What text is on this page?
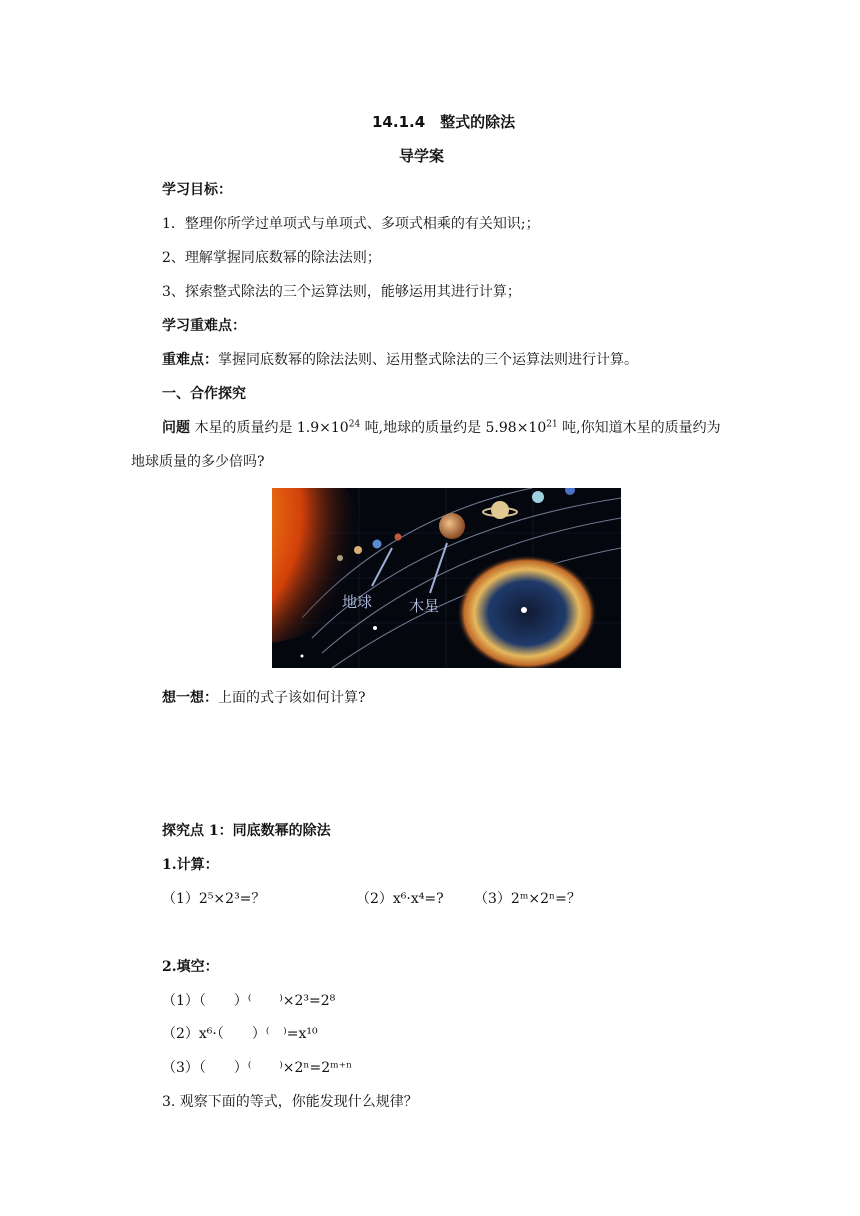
14.1.4　整式的除法
导学案
学习目标：
1．整理你所学过单项式与单项式、多项式相乘的有关知识;；
2、理解掌握同底数幂的除法法则；
3、探索整式除法的三个运算法则，能够运用其进行计算；
学习重难点：
重难点：掌握同底数幂的除法法则、运用整式除法的三个运算法则进行计算。
一、合作探究
问题 木星的质量约是 $1.9\times 10^{24}$ 吨,地球的质量约是 $5.98\times 10^{21}$ 吨,你知道木星的质量约为
地球质量的多少倍吗?
地球 木星
想一想：上面的式子该如何计算?
探究点 1：同底数幂的除法
1.计算：
（1）2⁵×2³=？	（2）x⁶·x⁴=? （3）2ᵐ×2ⁿ=？
2.填空：
（1）（　　）⁽　　⁾×2³=2⁸
（2）x⁶·（　　）⁽　⁾=x¹⁰
（3）（　　）⁽　　⁾×2ⁿ=2ᵐ⁺ⁿ
3. 观察下面的等式，你能发现什么规律？
